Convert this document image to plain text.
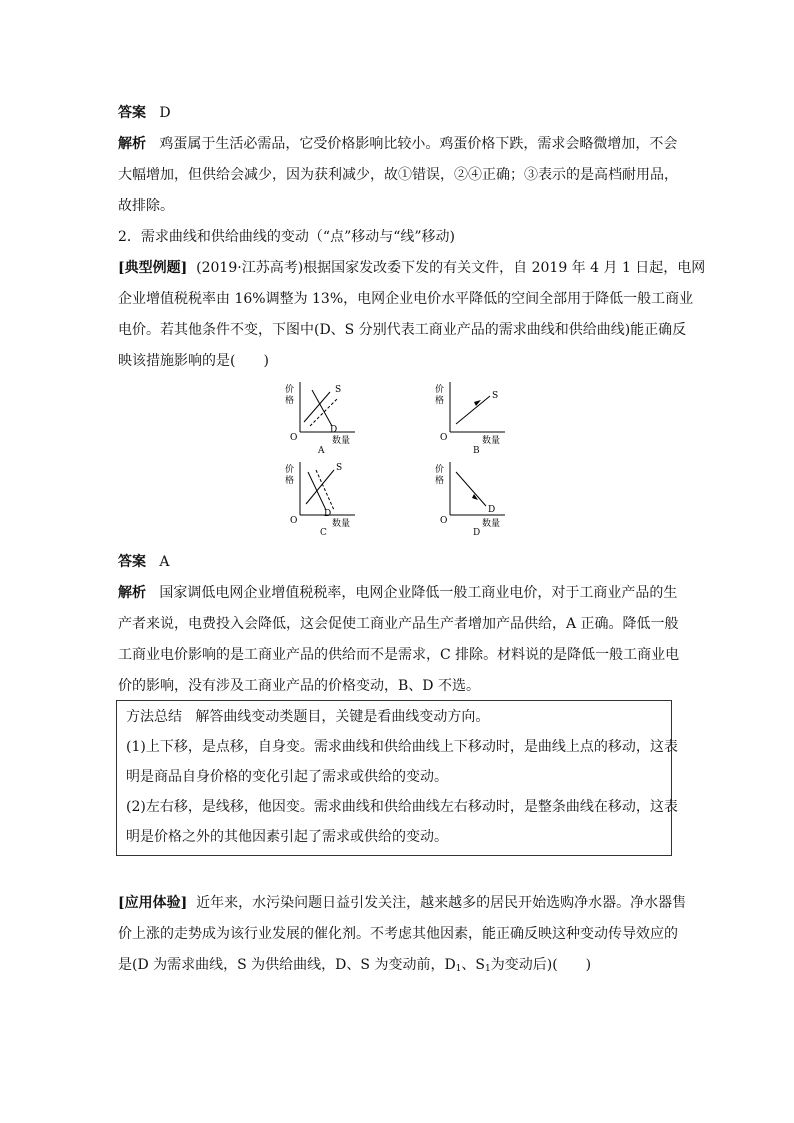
答案 D
解析 鸡蛋属于生活必需品，它受价格影响比较小。鸡蛋价格下跌，需求会略微增加，不会
大幅增加，但供给会减少，因为获利减少，故①错误，②④正确；③表示的是高档耐用品，
故排除。
2．需求曲线和供给曲线的变动（“点”移动与“线”移动)
[典型例题] (2019·江苏高考)根据国家发改委下发的有关文件，自 2019 年 4 月 1 日起，电网
企业增值税税率由 16%调整为 13%，电网企业电价水平降低的空间全部用于降低一般工商业
电价。若其他条件不变，下图中(D、S 分别代表工商业产品的需求曲线和供给曲线)能正确反
映该措施影响的是(　　)
价
格
O	数量
S
D
A
价
格
O	数量
S
B
价
格
O	数量
S
D
C
价
格
O	数量
D
D
答案 A
解析 国家调低电网企业增值税税率，电网企业降低一般工商业电价，对于工商业产品的生
产者来说，电费投入会降低，这会促使工商业产品生产者增加产品供给，A 正确。降低一般
工商业电价影响的是工商业产品的供给而不是需求，C 排除。材料说的是降低一般工商业电
价的影响，没有涉及工商业产品的价格变动，B、D 不选。
方法总结 解答曲线变动类题目，关键是看曲线变动方向。
(1)上下移，是点移，自身变。需求曲线和供给曲线上下移动时，是曲线上点的移动，这表
明是商品自身价格的变化引起了需求或供给的变动。
(2)左右移，是线移，他因变。需求曲线和供给曲线左右移动时，是整条曲线在移动，这表
明是价格之外的其他因素引起了需求或供给的变动。
[应用体验] 近年来，水污染问题日益引发关注，越来越多的居民开始选购净水器。净水器售
价上涨的走势成为该行业发展的催化剂。不考虑其他因素，能正确反映这种变动传导效应的
是(D 为需求曲线，S 为供给曲线，D、S 为变动前，$D_1$、$S_1$为变动后)(　　)
